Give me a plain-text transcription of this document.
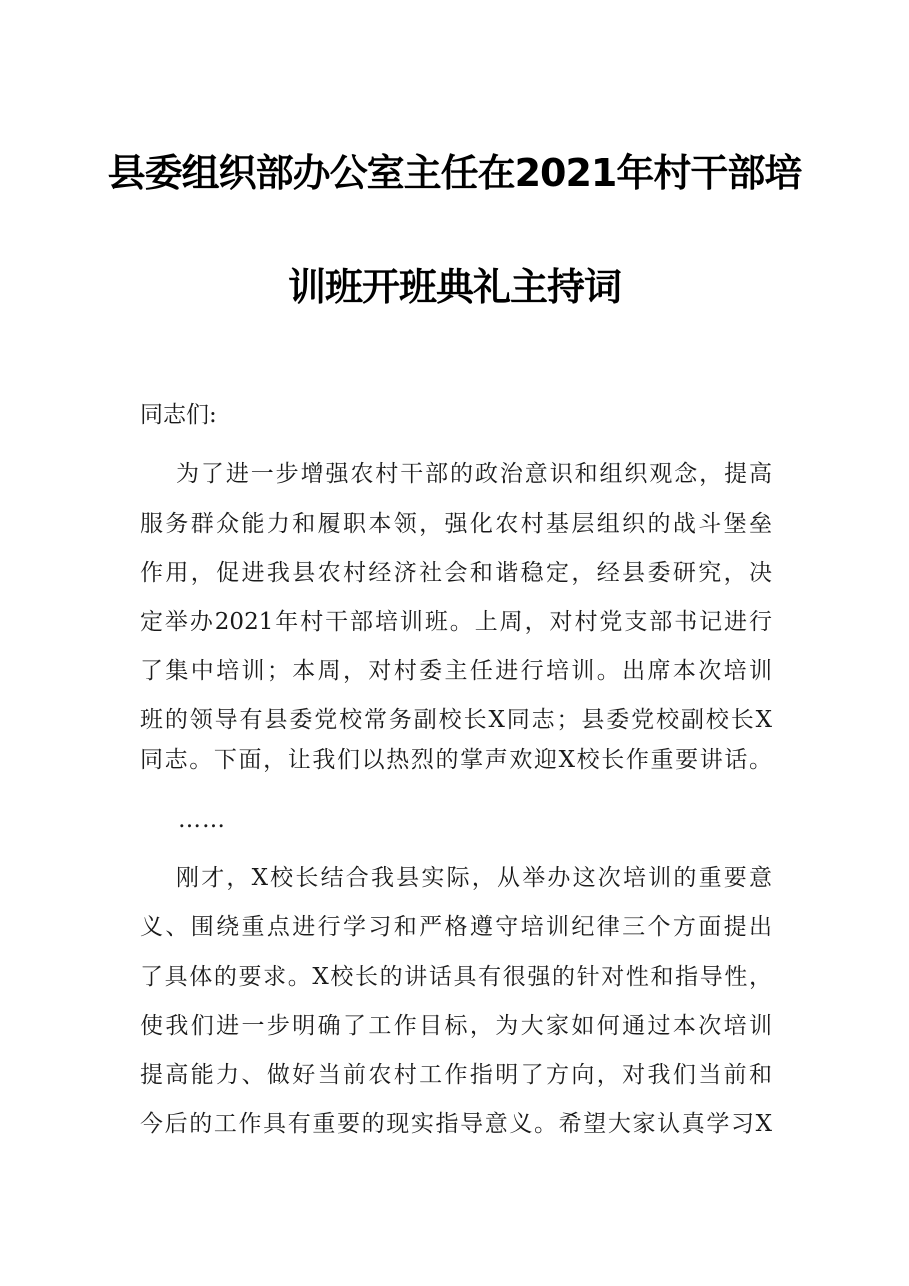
县委组织部办公室主任在2021年村干部培
训班开班典礼主持词
同志们:
为了进一步增强农村干部的政治意识和组织观念，提高
服务群众能力和履职本领，强化农村基层组织的战斗堡垒
作用，促进我县农村经济社会和谐稳定，经县委研究，决
定举办2021年村干部培训班。上周，对村党支部书记进行
了集中培训；本周，对村委主任进行培训。出席本次培训
班的领导有县委党校常务副校长X同志；县委党校副校长X
同志。下面，让我们以热烈的掌声欢迎X校长作重要讲话。
……
刚才，X校长结合我县实际，从举办这次培训的重要意
义、围绕重点进行学习和严格遵守培训纪律三个方面提出
了具体的要求。X校长的讲话具有很强的针对性和指导性，
使我们进一步明确了工作目标，为大家如何通过本次培训
提高能力、做好当前农村工作指明了方向，对我们当前和
今后的工作具有重要的现实指导意义。希望大家认真学习X
